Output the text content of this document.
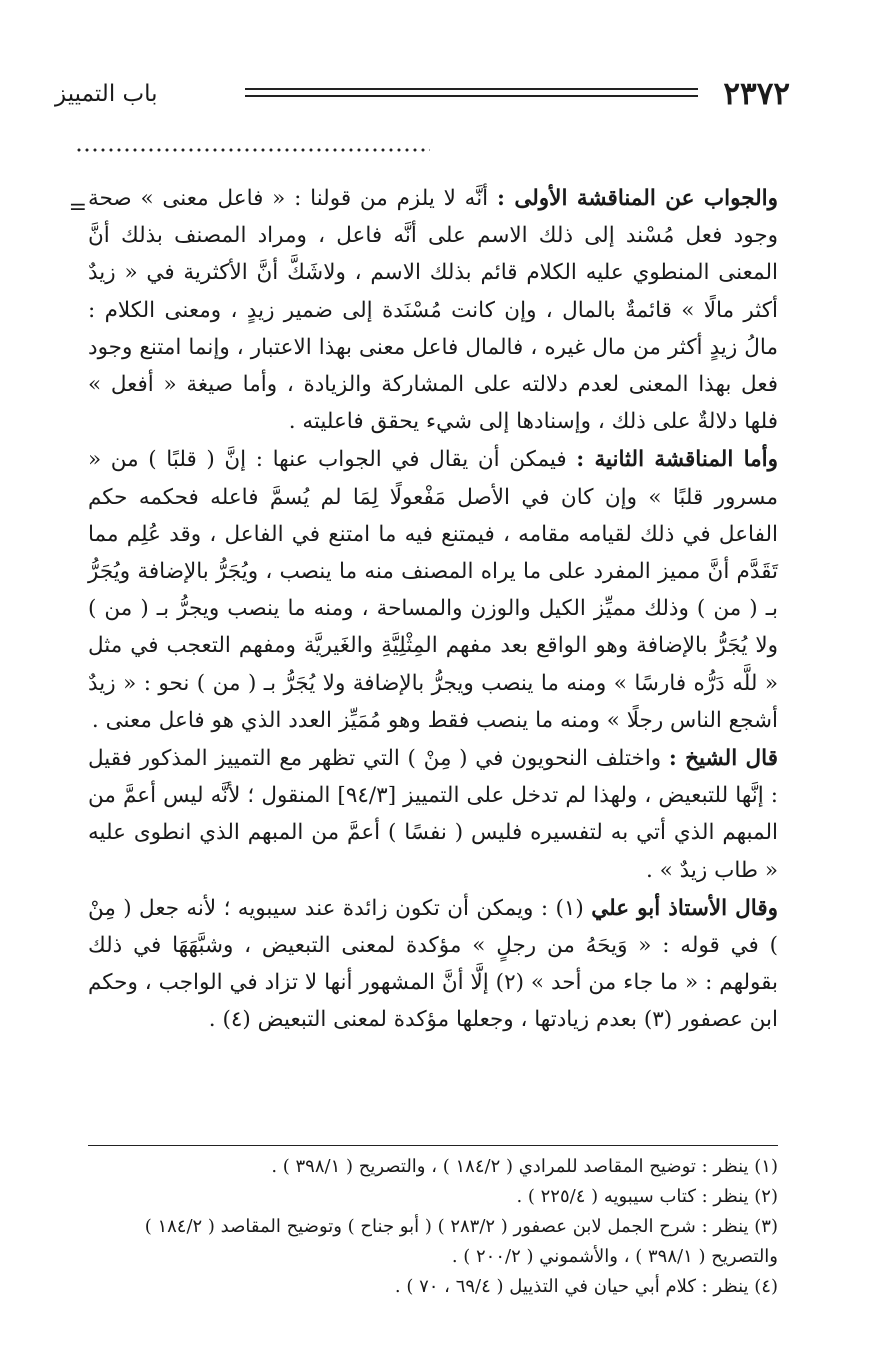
٢٣٧٢
باب التمييز
=	والجواب عن المناقشة الأولى : أنَّه لا يلزم من قولنا : « فاعل معنى » صحة وجود فعل مُسْند إلى ذلك الاسم على أنَّه فاعل ، ومراد المصنف بذلك أنَّ المعنى المنطوي عليه الكلام قائم بذلك الاسم ، ولاشَكَّ أنَّ الأكثرية في « زيدٌ أكثر مالًا » قائمةٌ بالمال ، وإن كانت مُسْنَدة إلى ضمير زيدٍ ، ومعنى الكلام : مالُ زيدٍ أكثر من مال غيره ، فالمال فاعل معنى بهذا الاعتبار ، وإنما امتنع وجود فعل بهذا المعنى لعدم دلالته على المشاركة والزيادة ، وأما صيغة « أفعل » فلها دلالةٌ على ذلك ، وإسنادها إلى شيء يحقق فاعليته .

وأما المناقشة الثانية : فيمكن أن يقال في الجواب عنها : إنَّ ( قلبًا ) من « مسرور قلبًا » وإن كان في الأصل مَفْعولًا لِمَا لم يُسمَّ فاعله فحكمه حكم الفاعل في ذلك لقيامه مقامه ، فيمتنع فيه ما امتنع في الفاعل ، وقد عُلِم مما تَقَدَّم أنَّ مميز المفرد على ما يراه المصنف منه ما ينصب ، ويُجَرُّ بالإضافة ويُجَرُّ بـ ( من ) وذلك مميِّز الكيل والوزن والمساحة ، ومنه ما ينصب ويجرُّ بـ ( من ) ولا يُجَرُّ بالإضافة وهو الواقع بعد مفهم المِثْلِيَّةِ والغَيريَّة ومفهم التعجب في مثل « للَّه دَرُّه فارسًا » ومنه ما ينصب ويجرُّ بالإضافة ولا يُجَرُّ بـ ( من ) نحو : « زيدٌ أشجع الناس رجلًا » ومنه ما ينصب فقط وهو مُمَيِّز العدد الذي هو فاعل معنى .

قال الشيخ : واختلف النحويون في ( مِنْ ) التي تظهر مع التمييز المذكور فقيل : إنَّها للتبعيض ، ولهذا لم تدخل على التمييز [٩٤/٣] المنقول ؛ لأنَّه ليس أعمَّ من المبهم الذي أتي به لتفسيره فليس ( نفسًا ) أعمَّ من المبهم الذي انطوى عليه « طاب زيدٌ » .

وقال الأستاذ أبو علي (١) : ويمكن أن تكون زائدة عند سيبويه ؛ لأنه جعل ( مِنْ ) في قوله : « وَيحَهُ من رجلٍ » مؤكدة لمعنى التبعيض ، وشبَّهَهَا في ذلك بقولهم : « ما جاء من أحد » (٢) إلَّا أنَّ المشهور أنها لا تزاد في الواجب ، وحكم ابن عصفور (٣) بعدم زيادتها ، وجعلها مؤكدة لمعنى التبعيض (٤) .

(١) ينظر : توضيح المقاصد للمرادي ( ١٨٤/٢ ) ، والتصريح ( ٣٩٨/١ ) .

(٢) ينظر : كتاب سيبويه ( ٢٢٥/٤ ) .

(٣) ينظر : شرح الجمل لابن عصفور ( ٢٨٣/٢ ) ( أبو جناح ) وتوضيح المقاصد ( ١٨٤/٢ ) والتصريح ( ٣٩٨/١ ) ، والأشموني ( ٢٠٠/٢ ) .

(٤) ينظر : كلام أبي حيان في التذييل ( ٦٩/٤ ، ٧٠ ) .
